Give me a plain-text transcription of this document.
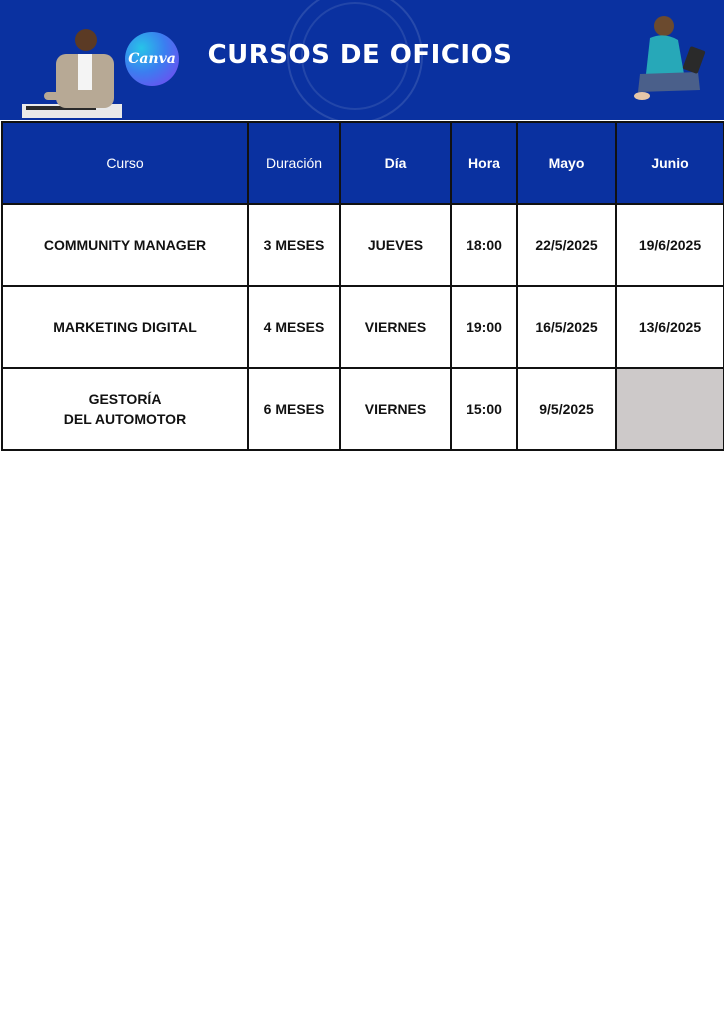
Canva	CURSOS DE OFICIOS
Curso	Duración	Día	Hora	Mayo	Junio
COMMUNITY MANAGER	3 MESES	JUEVES	18:00	22/5/2025	19/6/2025
MARKETING DIGITAL	4 MESES	VIERNES	19:00	16/5/2025	13/6/2025
GESTORÍA
DEL AUTOMOTOR	6 MESES	VIERNES	15:00	9/5/2025	
